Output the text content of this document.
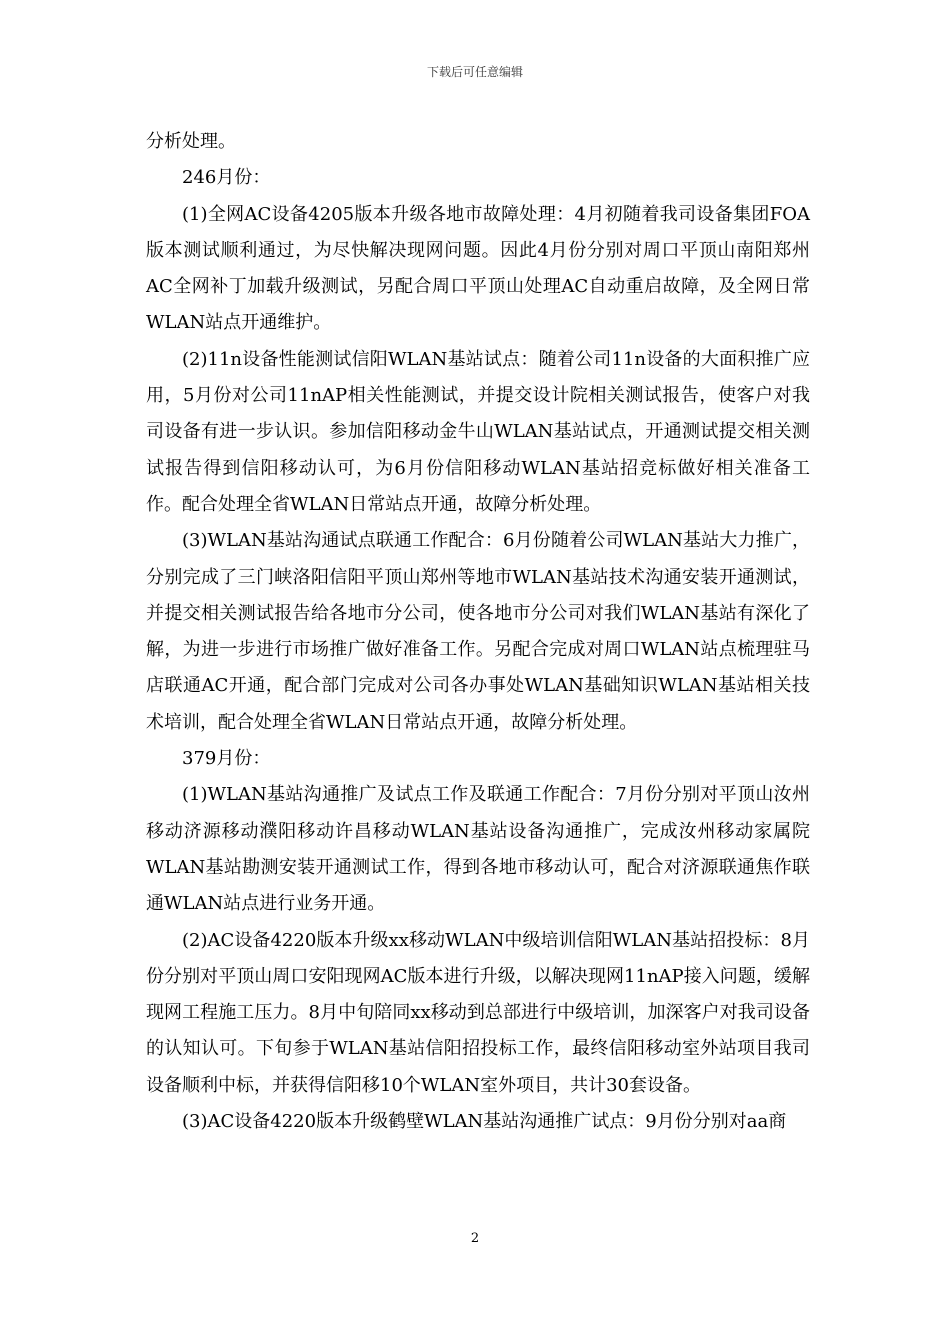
下载后可任意编辑

分析处理。

246月份：

(1)全网AC设备4205版本升级各地市故障处理：4月初随着我司设备集团FOA版本测试顺利通过，为尽快解决现网问题。因此4月份分别对周口平顶山南阳郑州AC全网补丁加载升级测试，另配合周口平顶山处理AC自动重启故障，及全网日常WLAN站点开通维护。

(2)11n设备性能测试信阳WLAN基站试点：随着公司11n设备的大面积推广应用，5月份对公司11nAP相关性能测试，并提交设计院相关测试报告，使客户对我司设备有进一步认识。参加信阳移动金牛山WLAN基站试点，开通测试提交相关测试报告得到信阳移动认可，为6月份信阳移动WLAN基站招竞标做好相关准备工作。配合处理全省WLAN日常站点开通，故障分析处理。

(3)WLAN基站沟通试点联通工作配合：6月份随着公司WLAN基站大力推广，分别完成了三门峡洛阳信阳平顶山郑州等地市WLAN基站技术沟通安装开通测试，并提交相关测试报告给各地市分公司，使各地市分公司对我们WLAN基站有深化了解，为进一步进行市场推广做好准备工作。另配合完成对周口WLAN站点梳理驻马店联通AC开通，配合部门完成对公司各办事处WLAN基础知识WLAN基站相关技术培训，配合处理全省WLAN日常站点开通，故障分析处理。

379月份：

(1)WLAN基站沟通推广及试点工作及联通工作配合：7月份分别对平顶山汝州移动济源移动濮阳移动许昌移动WLAN基站设备沟通推广，完成汝州移动家属院WLAN基站勘测安装开通测试工作，得到各地市移动认可，配合对济源联通焦作联通WLAN站点进行业务开通。

(2)AC设备4220版本升级xx移动WLAN中级培训信阳WLAN基站招投标：8月份分别对平顶山周口安阳现网AC版本进行升级，以解决现网11nAP接入问题，缓解现网工程施工压力。8月中旬陪同xx移动到总部进行中级培训，加深客户对我司设备的认知认可。下旬参于WLAN基站信阳招投标工作，最终信阳移动室外站项目我司设备顺利中标，并获得信阳移10个WLAN室外项目，共计30套设备。

(3)AC设备4220版本升级鹤壁WLAN基站沟通推广试点：9月份分别对aa商

2
